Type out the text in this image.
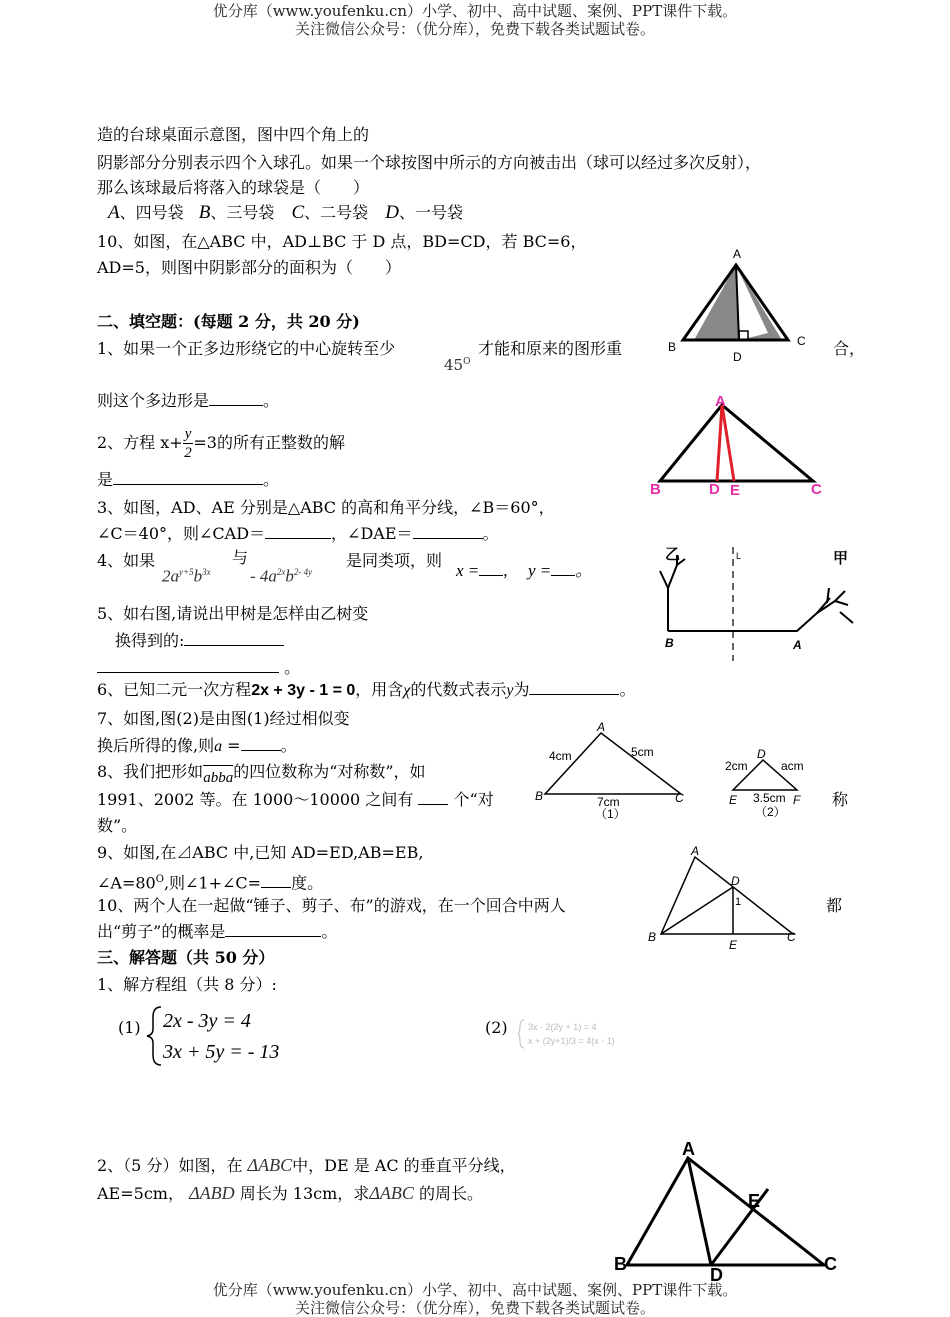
优分库（www.youfenku.cn）小学、初中、高中试题、案例、PPT课件下载。
关注微信公众号：（优分库），免费下载各类试题试卷。
造的台球桌面示意图，图中四个角上的
阴影部分分别表示四个入球孔。如果一个球按图中所示的方向被击出（球可以经过多次反射），
那么该球最后将落入的球袋是（　　）
A、四号袋 B、三号袋 C、二号袋 D、一号袋
10、如图，在△ABC 中，AD⊥BC 于 D 点，BD=CD，若 BC=6，
AD=5，则图中阴影部分的面积为（　　）
A
B	C
D
二、填空题：(每题 2 分，共 20 分)
1、如果一个正多边形绕它的中心旋转至少
$45^O$
才能和原来的图形重	合，
则这个多边形是	。
2、方程 $x+ \frac{y}{2} =3$的所有正整数的解
是	。
A
B	D E	C
3、如图，AD、AE 分别是△ABC 的高和角平分线，∠B＝60°，
∠C＝40°，则∠CAD＝	，∠DAE＝	。
4、如果
$2a^{y+5}b^{3x}$
与
- $4a^{2x}b^{2- 4y}$
是同类项，则
x = , y = 。
乙	甲
L
B	A
5、如右图,请说出甲树是怎样由乙树变
换得到的:
。
6、已知二元一次方程2x + 3y - 1 = 0，用含χ的代数式表示y为	。
7、如图,图(2)是由图(1)经过相似变
换后所得的像,则a =	。
A
B	C
4cm	5cm
7cm
（1）
D
E	F
2cm	acm
3.5cm
（2）
8、我们把形如abba的四位数称为“对称数”，如
1991、2002 等。在 1000～10000 之间有	个“对	称
数”。
9、如图,在⊿ABC 中,已知 AD=ED,AB=EB,
$\angle A=80^O$,则∠1+∠C= 度。
A
B	C
D
E
1
10、两个人在一起做“锤子、剪子、布”的游戏，在一个回合中两人	都
出“剪子”的概率是	。
三、解答题（共 50 分）
1、解方程组（共 8 分）:
(1) 2x - 3y = 4
3x + 5y = - 13
(2) 3x - 2(2y + 1) = 4
x + (2y+1)/3 = 4(x - 1)
2、（5 分）如图，在 ΔABC中，DE 是 AC 的垂直平分线，
AE=5cm， ΔABD 周长为 13cm，求ΔABC 的周长。
A
B	C
D
E
优分库（www.youfenku.cn）小学、初中、高中试题、案例、PPT课件下载。
关注微信公众号：（优分库），免费下载各类试题试卷。
